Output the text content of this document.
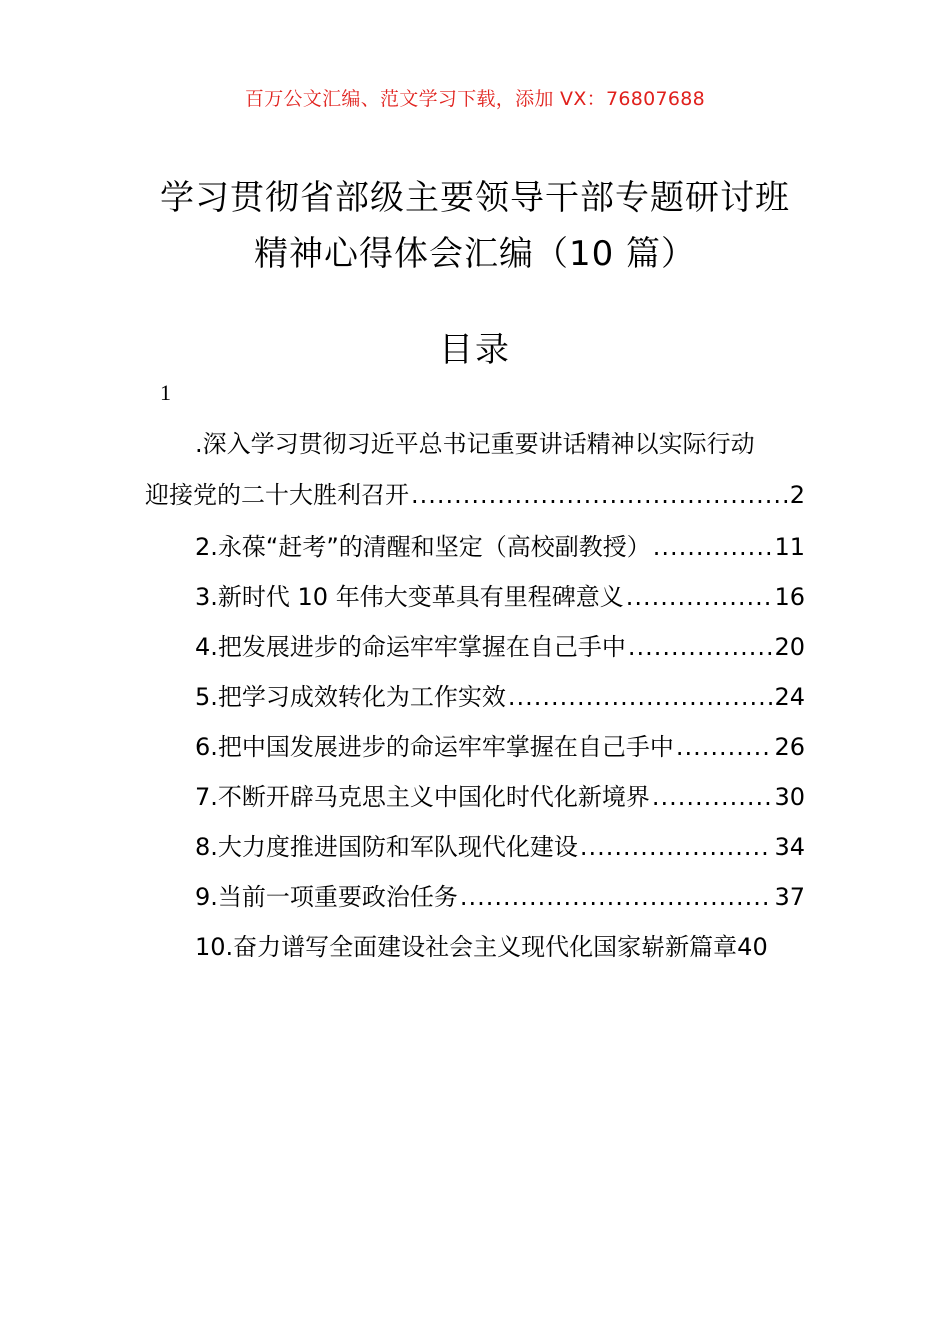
百万公文汇编、范文学习下载，添加 VX：76807688
学习贯彻省部级主要领导干部专题研讨班
精神心得体会汇编（10 篇）
目录
1
.深入学习贯彻习近平总书记重要讲话精神以实际行动
迎接党的二十大胜利召开 .....	2
2.永葆“赶考”的清醒和坚定（高校副教授） .....	11
3.新时代 10 年伟大变革具有里程碑意义 .....	16
4.把发展进步的命运牢牢掌握在自己手中 .....	20
5.把学习成效转化为工作实效 .....	24
6.把中国发展进步的命运牢牢掌握在自己手中 .....	26
7.不断开辟马克思主义中国化时代化新境界 .....	30
8.大力度推进国防和军队现代化建设 .....	34
9.当前一项重要政治任务 .....	37
10.奋力谱写全面建设社会主义现代化国家崭新篇章 40
